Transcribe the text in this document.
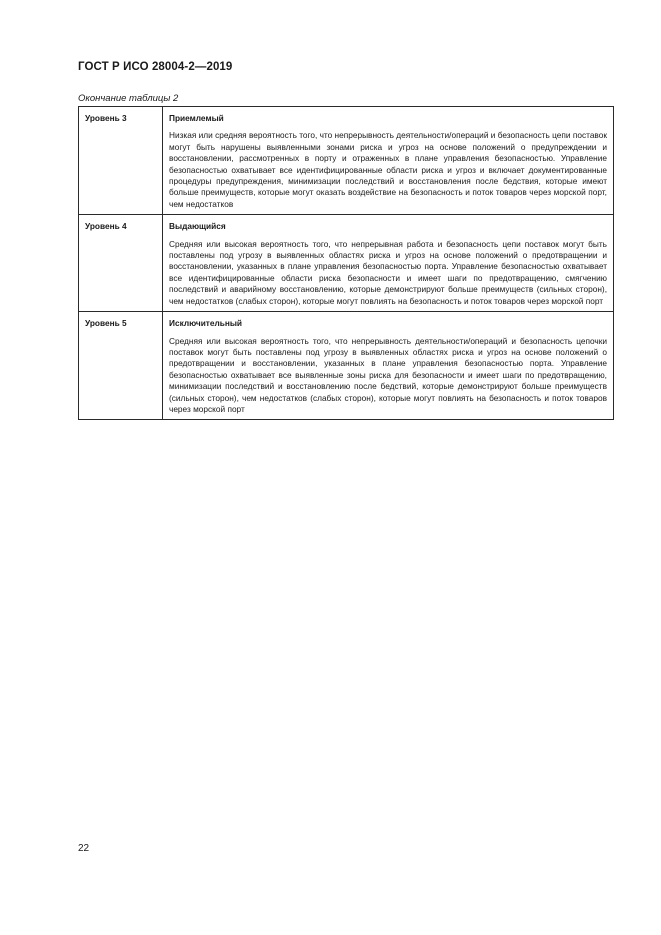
ГОСТ Р ИСО 28004-2—2019
Окончание таблицы 2
Уровень 3	Приемлемый
Низкая или средняя вероятность того, что непрерывность деятельности/операций и безопасность цепи поставок могут быть нарушены выявленными зонами риска и угроз на основе положений о предупреждении и восстановлении, рассмотренных в порту и отраженных в плане управления безопасностью. Управление безопасностью охватывает все идентифицированные области риска и угроз и включает документированные процедуры предупреждения, минимизации последствий и восстановления после бедствия, которые имеют больше преимуществ, которые могут оказать воздействие на безопасность и поток товаров через морской порт, чем недостатков

Уровень 4	Выдающийся
Средняя или высокая вероятность того, что непрерывная работа и безопасность цепи поставок могут быть поставлены под угрозу в выявленных областях риска и угроз на основе положений о предотвращении и восстановлении, указанных в плане управления безопасностью порта. Управление безопасностью охватывает все идентифицированные области риска безопасности и имеет шаги по предотвращению, смягчению последствий и аварийному восстановлению, которые демонстрируют больше преимуществ (сильных сторон), чем недостатков (слабых сторон), которые могут повлиять на безопасность и поток товаров через морской порт

Уровень 5	Исключительный
Средняя или высокая вероятность того, что непрерывность деятельности/операций и безопасность цепочки поставок могут быть поставлены под угрозу в выявленных областях риска и угроз на основе положений о предотвращении и восстановлении, указанных в плане управления безопасностью порта. Управление безопасностью охватывает все выявленные зоны риска для безопасности и имеет шаги по предотвращению, минимизации последствий и восстановлению после бедствий, которые демонстрируют больше преимуществ (сильных сторон), чем недостатков (слабых сторон), которые могут повлиять на безопасность и поток товаров через морской порт
22
